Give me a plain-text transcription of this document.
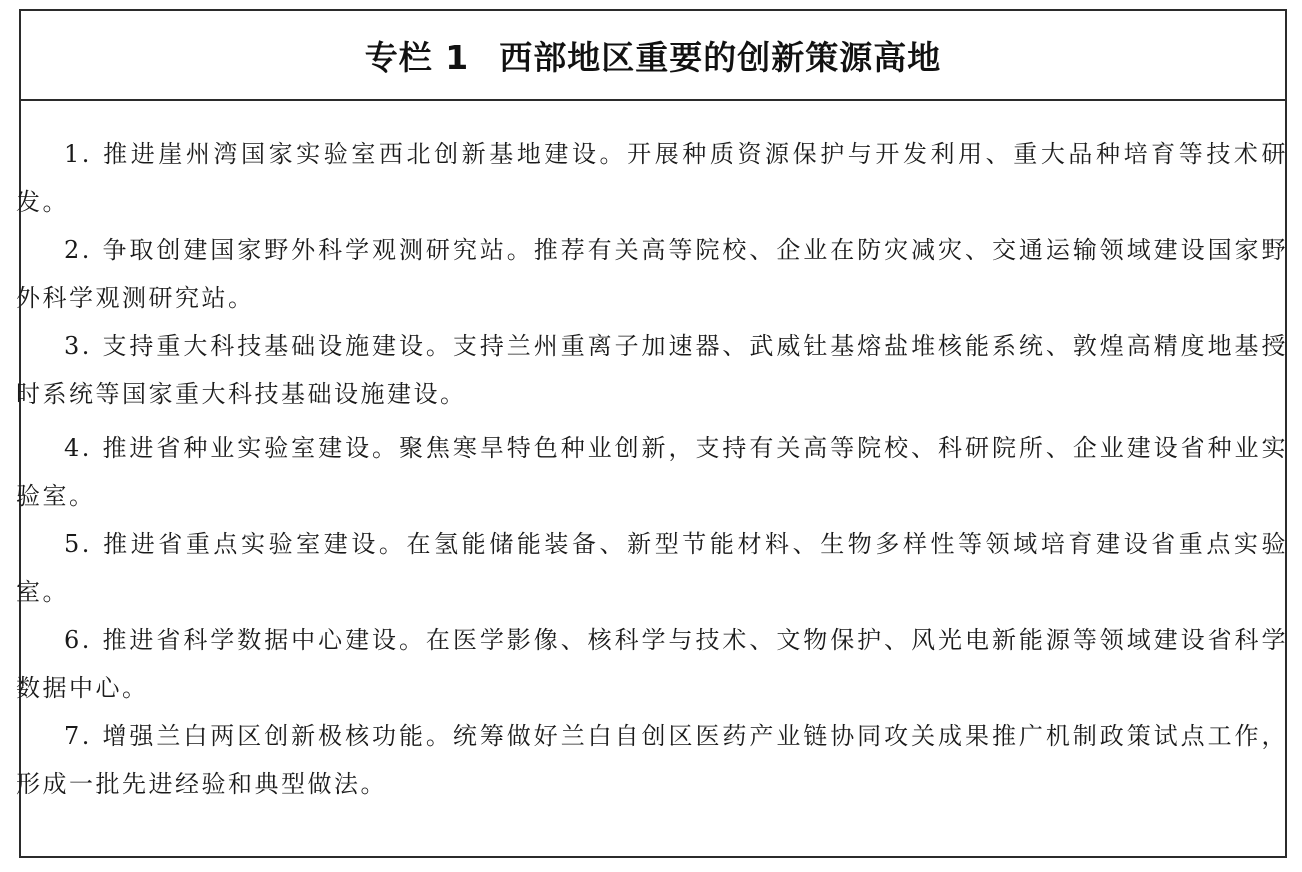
专栏 1 西部地区重要的创新策源高地

1. 推进崖州湾国家实验室西北创新基地建设。开展种质资源保护与开发利用、重大品种培育等技术研发。

2. 争取创建国家野外科学观测研究站。推荐有关高等院校、企业在防灾减灾、交通运输领域建设国家野外科学观测研究站。

3. 支持重大科技基础设施建设。支持兰州重离子加速器、武威钍基熔盐堆核能系统、敦煌高精度地基授时系统等国家重大科技基础设施建设。

4. 推进省种业实验室建设。聚焦寒旱特色种业创新，支持有关高等院校、科研院所、企业建设省种业实验室。

5. 推进省重点实验室建设。在氢能储能装备、新型节能材料、生物多样性等领域培育建设省重点实验室。

6. 推进省科学数据中心建设。在医学影像、核科学与技术、文物保护、风光电新能源等领域建设省科学数据中心。

7. 增强兰白两区创新极核功能。统筹做好兰白自创区医药产业链协同攻关成果推广机制政策试点工作，形成一批先进经验和典型做法。
